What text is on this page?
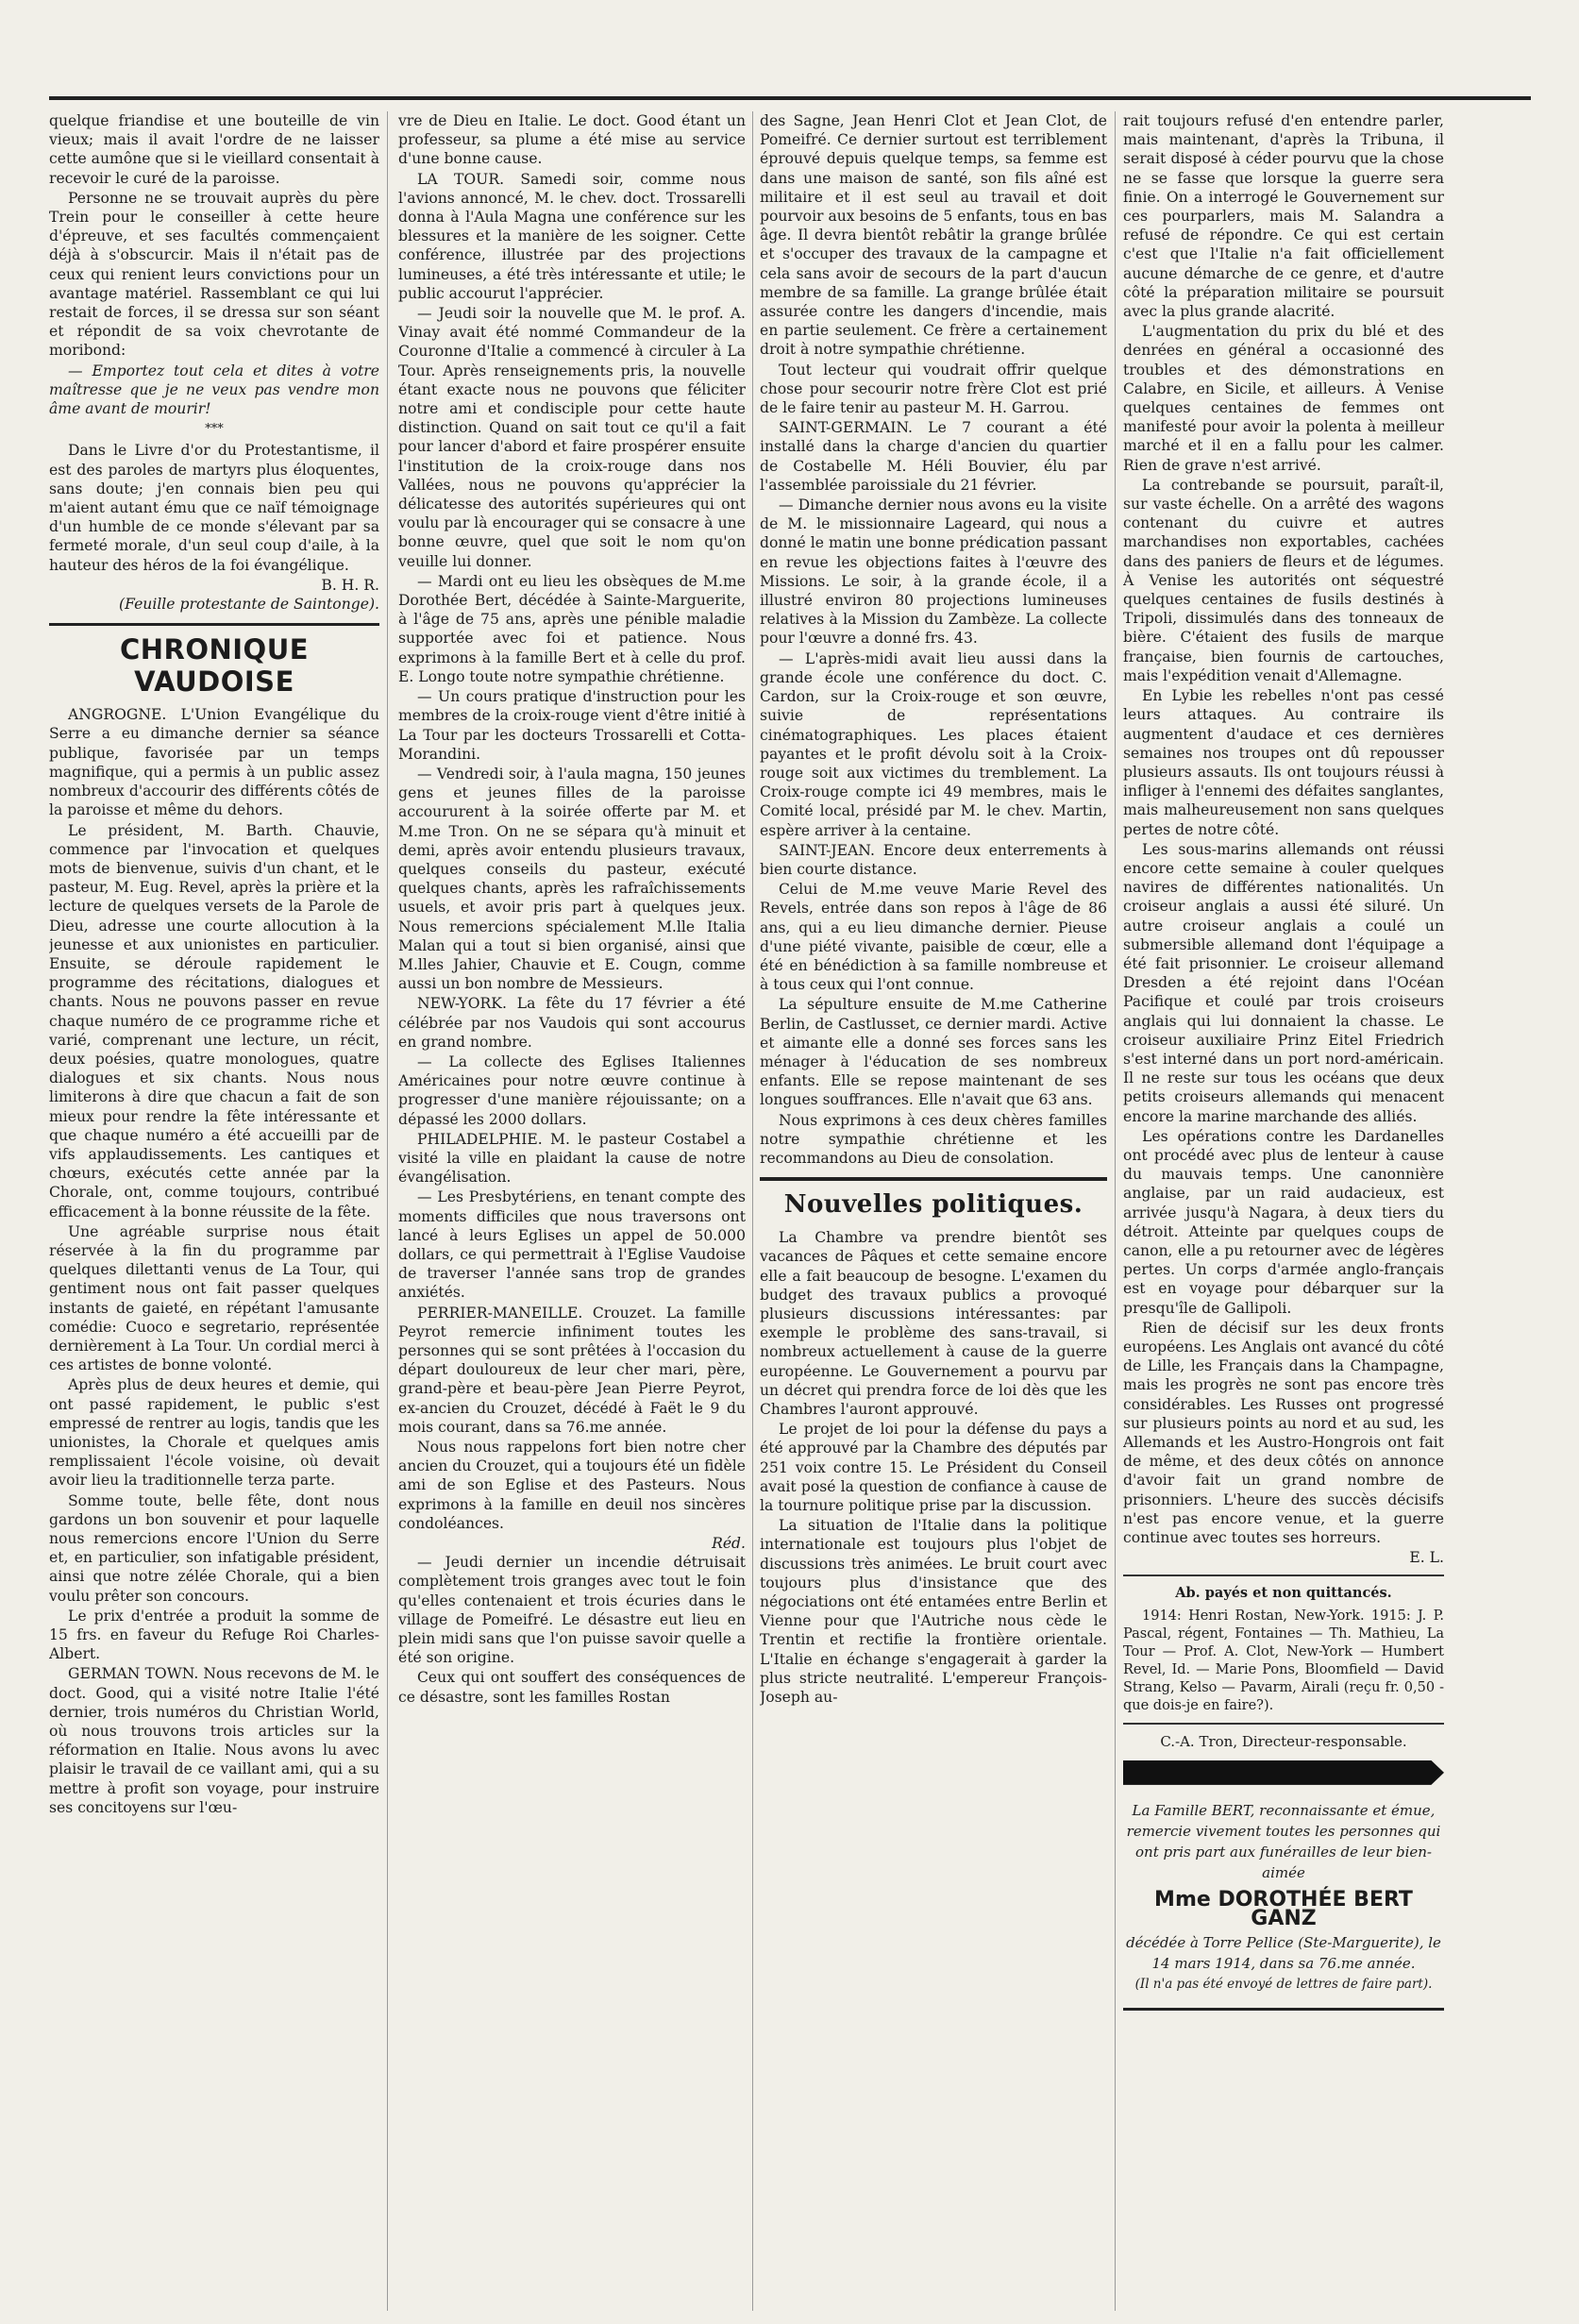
quelque friandise et une bouteille de vin vieux; mais il avait l'ordre de ne laisser cette aumône que si le vieillard consentait à recevoir le curé de la paroisse.

Personne ne se trouvait auprès du père Trein pour le conseiller à cette heure d'épreuve, et ses facultés commençaient déjà à s'obscurcir. Mais il n'était pas de ceux qui renient leurs convictions pour un avantage matériel. Rassemblant ce qui lui restait de forces, il se dressa sur son séant et répondit de sa voix chevrotante de moribond:

— Emportez tout cela et dites à votre maîtresse que je ne veux pas vendre mon âme avant de mourir!

***

Dans le Livre d'or du Protestantisme, il est des paroles de martyrs plus éloquentes, sans doute; j'en connais bien peu qui m'aient autant ému que ce naïf témoignage d'un humble de ce monde s'élevant par sa fermeté morale, d'un seul coup d'aile, à la hauteur des héros de la foi évangélique.

B. H. R.

(Feuille protestante de Saintonge).

CHRONIQUE VAUDOISE

ANGROGNE. L'Union Evangélique du Serre a eu dimanche dernier sa séance publique, favorisée par un temps magnifique, qui a permis à un public assez nombreux d'accourir des différents côtés de la paroisse et même du dehors.

Le président, M. Barth. Chauvie, commence par l'invocation et quelques mots de bienvenue, suivis d'un chant, et le pasteur, M. Eug. Revel, après la prière et la lecture de quelques versets de la Parole de Dieu, adresse une courte allocution à la jeunesse et aux unionistes en particulier. Ensuite, se déroule rapidement le programme des récitations, dialogues et chants. Nous ne pouvons passer en revue chaque numéro de ce programme riche et varié, comprenant une lecture, un récit, deux poésies, quatre monologues, quatre dialogues et six chants. Nous nous limiterons à dire que chacun a fait de son mieux pour rendre la fête intéressante et que chaque numéro a été accueilli par de vifs applaudissements. Les cantiques et chœurs, exécutés cette année par la Chorale, ont, comme toujours, contribué efficacement à la bonne réussite de la fête.

Une agréable surprise nous était réservée à la fin du programme par quelques dilettanti venus de La Tour, qui gentiment nous ont fait passer quelques instants de gaieté, en répétant l'amusante comédie: Cuoco e segretario, représentée dernièrement à La Tour. Un cordial merci à ces artistes de bonne volonté.

Après plus de deux heures et demie, qui ont passé rapidement, le public s'est empressé de rentrer au logis, tandis que les unionistes, la Chorale et quelques amis remplissaient l'école voisine, où devait avoir lieu la traditionnelle terza parte.

Somme toute, belle fête, dont nous gardons un bon souvenir et pour laquelle nous remercions encore l'Union du Serre et, en particulier, son infatigable président, ainsi que notre zélée Chorale, qui a bien voulu prêter son concours.

Le prix d'entrée a produit la somme de 15 frs. en faveur du Refuge Roi Charles-Albert.

GERMAN TOWN. Nous recevons de M. le doct. Good, qui a visité notre Italie l'été dernier, trois numéros du Christian World, où nous trouvons trois articles sur la réformation en Italie. Nous avons lu avec plaisir le travail de ce vaillant ami, qui a su mettre à profit son voyage, pour instruire ses concitoyens sur l'œu-

vre de Dieu en Italie. Le doct. Good étant un professeur, sa plume a été mise au service d'une bonne cause.

LA TOUR. Samedi soir, comme nous l'avions annoncé, M. le chev. doct. Trossarelli donna à l'Aula Magna une conférence sur les blessures et la manière de les soigner. Cette conférence, illustrée par des projections lumineuses, a été très intéressante et utile; le public accourut l'apprécier.

— Jeudi soir la nouvelle que M. le prof. A. Vinay avait été nommé Commandeur de la Couronne d'Italie a commencé à circuler à La Tour. Après renseignements pris, la nouvelle étant exacte nous ne pouvons que féliciter notre ami et condisciple pour cette haute distinction. Quand on sait tout ce qu'il a fait pour lancer d'abord et faire prospérer ensuite l'institution de la croix-rouge dans nos Vallées, nous ne pouvons qu'apprécier la délicatesse des autorités supérieures qui ont voulu par là encourager qui se consacre à une bonne œuvre, quel que soit le nom qu'on veuille lui donner.

— Mardi ont eu lieu les obsèques de M.me Dorothée Bert, décédée à Sainte-Marguerite, à l'âge de 75 ans, après une pénible maladie supportée avec foi et patience. Nous exprimons à la famille Bert et à celle du prof. E. Longo toute notre sympathie chrétienne.

— Un cours pratique d'instruction pour les membres de la croix-rouge vient d'être initié à La Tour par les docteurs Trossarelli et Cotta-Morandini.

— Vendredi soir, à l'aula magna, 150 jeunes gens et jeunes filles de la paroisse accoururent à la soirée offerte par M. et M.me Tron. On ne se sépara qu'à minuit et demi, après avoir entendu plusieurs travaux, quelques conseils du pasteur, exécuté quelques chants, après les rafraîchissements usuels, et avoir pris part à quelques jeux. Nous remercions spécialement M.lle Italia Malan qui a tout si bien organisé, ainsi que M.lles Jahier, Chauvie et E. Cougn, comme aussi un bon nombre de Messieurs.

NEW-YORK. La fête du 17 février a été célébrée par nos Vaudois qui sont accourus en grand nombre.

— La collecte des Eglises Italiennes Américaines pour notre œuvre continue à progresser d'une manière réjouissante; on a dépassé les 2000 dollars.

PHILADELPHIE. M. le pasteur Costabel a visité la ville en plaidant la cause de notre évangélisation.

— Les Presbytériens, en tenant compte des moments difficiles que nous traversons ont lancé à leurs Eglises un appel de 50.000 dollars, ce qui permettrait à l'Eglise Vaudoise de traverser l'année sans trop de grandes anxiétés.

PERRIER-MANEILLE. Crouzet. La famille Peyrot remercie infiniment toutes les personnes qui se sont prêtées à l'occasion du départ douloureux de leur cher mari, père, grand-père et beau-père Jean Pierre Peyrot, ex-ancien du Crouzet, décédé à Faët le 9 du mois courant, dans sa 76.me année.

Nous nous rappelons fort bien notre cher ancien du Crouzet, qui a toujours été un fidèle ami de son Eglise et des Pasteurs. Nous exprimons à la famille en deuil nos sincères condoléances.

Réd.

— Jeudi dernier un incendie détruisait complètement trois granges avec tout le foin qu'elles contenaient et trois écuries dans le village de Pomeifré. Le désastre eut lieu en plein midi sans que l'on puisse savoir quelle a été son origine.

Ceux qui ont souffert des conséquences de ce désastre, sont les familles Rostan

des Sagne, Jean Henri Clot et Jean Clot, de Pomeifré. Ce dernier surtout est terriblement éprouvé depuis quelque temps, sa femme est dans une maison de santé, son fils aîné est militaire et il est seul au travail et doit pourvoir aux besoins de 5 enfants, tous en bas âge. Il devra bientôt rebâtir la grange brûlée et s'occuper des travaux de la campagne et cela sans avoir de secours de la part d'aucun membre de sa famille. La grange brûlée était assurée contre les dangers d'incendie, mais en partie seulement. Ce frère a certainement droit à notre sympathie chrétienne.

Tout lecteur qui voudrait offrir quelque chose pour secourir notre frère Clot est prié de le faire tenir au pasteur M. H. Garrou.

SAINT-GERMAIN. Le 7 courant a été installé dans la charge d'ancien du quartier de Costabelle M. Héli Bouvier, élu par l'assemblée paroissiale du 21 février.

— Dimanche dernier nous avons eu la visite de M. le missionnaire Lageard, qui nous a donné le matin une bonne prédication passant en revue les objections faites à l'œuvre des Missions. Le soir, à la grande école, il a illustré environ 80 projections lumineuses relatives à la Mission du Zambèze. La collecte pour l'œuvre a donné frs. 43.

— L'après-midi avait lieu aussi dans la grande école une conférence du doct. C. Cardon, sur la Croix-rouge et son œuvre, suivie de représentations cinématographiques. Les places étaient payantes et le profit dévolu soit à la Croix-rouge soit aux victimes du tremblement. La Croix-rouge compte ici 49 membres, mais le Comité local, présidé par M. le chev. Martin, espère arriver à la centaine.

SAINT-JEAN. Encore deux enterrements à bien courte distance.

Celui de M.me veuve Marie Revel des Revels, entrée dans son repos à l'âge de 86 ans, qui a eu lieu dimanche dernier. Pieuse d'une piété vivante, paisible de cœur, elle a été en bénédiction à sa famille nombreuse et à tous ceux qui l'ont connue.

La sépulture ensuite de M.me Catherine Berlin, de Castlusset, ce dernier mardi. Active et aimante elle a donné ses forces sans les ménager à l'éducation de ses nombreux enfants. Elle se repose maintenant de ses longues souffrances. Elle n'avait que 63 ans.

Nous exprimons à ces deux chères familles notre sympathie chrétienne et les recommandons au Dieu de consolation.

Nouvelles politiques.

La Chambre va prendre bientôt ses vacances de Pâques et cette semaine encore elle a fait beaucoup de besogne. L'examen du budget des travaux publics a provoqué plusieurs discussions intéressantes: par exemple le problème des sans-travail, si nombreux actuellement à cause de la guerre européenne. Le Gouvernement a pourvu par un décret qui prendra force de loi dès que les Chambres l'auront approuvé.

Le projet de loi pour la défense du pays a été approuvé par la Chambre des députés par 251 voix contre 15. Le Président du Conseil avait posé la question de confiance à cause de la tournure politique prise par la discussion.

La situation de l'Italie dans la politique internationale est toujours plus l'objet de discussions très animées. Le bruit court avec toujours plus d'insistance que des négociations ont été entamées entre Berlin et Vienne pour que l'Autriche nous cède le Trentin et rectifie la frontière orientale. L'Italie en échange s'engagerait à garder la plus stricte neutralité. L'empereur François-Joseph au-

rait toujours refusé d'en entendre parler, mais maintenant, d'après la Tribuna, il serait disposé à céder pourvu que la chose ne se fasse que lorsque la guerre sera finie. On a interrogé le Gouvernement sur ces pourparlers, mais M. Salandra a refusé de répondre. Ce qui est certain c'est que l'Italie n'a fait officiellement aucune démarche de ce genre, et d'autre côté la préparation militaire se poursuit avec la plus grande alacrité.

L'augmentation du prix du blé et des denrées en général a occasionné des troubles et des démonstrations en Calabre, en Sicile, et ailleurs. À Venise quelques centaines de femmes ont manifesté pour avoir la polenta à meilleur marché et il en a fallu pour les calmer. Rien de grave n'est arrivé.

La contrebande se poursuit, paraît-il, sur vaste échelle. On a arrêté des wagons contenant du cuivre et autres marchandises non exportables, cachées dans des paniers de fleurs et de légumes. À Venise les autorités ont séquestré quelques centaines de fusils destinés à Tripoli, dissimulés dans des tonneaux de bière. C'étaient des fusils de marque française, bien fournis de cartouches, mais l'expédition venait d'Allemagne.

En Lybie les rebelles n'ont pas cessé leurs attaques. Au contraire ils augmentent d'audace et ces dernières semaines nos troupes ont dû repousser plusieurs assauts. Ils ont toujours réussi à infliger à l'ennemi des défaites sanglantes, mais malheureusement non sans quelques pertes de notre côté.

Les sous-marins allemands ont réussi encore cette semaine à couler quelques navires de différentes nationalités. Un croiseur anglais a aussi été siluré. Un autre croiseur anglais a coulé un submersible allemand dont l'équipage a été fait prisonnier. Le croiseur allemand Dresden a été rejoint dans l'Océan Pacifique et coulé par trois croiseurs anglais qui lui donnaient la chasse. Le croiseur auxiliaire Prinz Eitel Friedrich s'est interné dans un port nord-américain. Il ne reste sur tous les océans que deux petits croiseurs allemands qui menacent encore la marine marchande des alliés.

Les opérations contre les Dardanelles ont procédé avec plus de lenteur à cause du mauvais temps. Une canonnière anglaise, par un raid audacieux, est arrivée jusqu'à Nagara, à deux tiers du détroit. Atteinte par quelques coups de canon, elle a pu retourner avec de légères pertes. Un corps d'armée anglo-français est en voyage pour débarquer sur la presqu'île de Gallipoli.

Rien de décisif sur les deux fronts européens. Les Anglais ont avancé du côté de Lille, les Français dans la Champagne, mais les progrès ne sont pas encore très considérables. Les Russes ont progressé sur plusieurs points au nord et au sud, les Allemands et les Austro-Hongrois ont fait de même, et des deux côtés on annonce d'avoir fait un grand nombre de prisonniers. L'heure des succès décisifs n'est pas encore venue, et la guerre continue avec toutes ses horreurs.

E. L.

Ab. payés et non quittancés.

1914: Henri Rostan, New-York. 1915: J. P. Pascal, régent, Fontaines — Th. Mathieu, La Tour — Prof. A. Clot, New-York — Humbert Revel, Id. — Marie Pons, Bloomfield — David Strang, Kelso — Pavarm, Airali (reçu fr. 0,50 - que dois-je en faire?).

C.-A. Tron, Directeur-responsable.
La Famille BERT, reconnaissante et émue, remercie vivement toutes les personnes qui ont pris part aux funérailles de leur bien-aimée
Mme DOROTHÉE BERT GANZ
décédée à Torre Pellice (Ste-Marguerite), le 14 mars 1914, dans sa 76.me année.
(Il n'a pas été envoyé de lettres de faire part).
